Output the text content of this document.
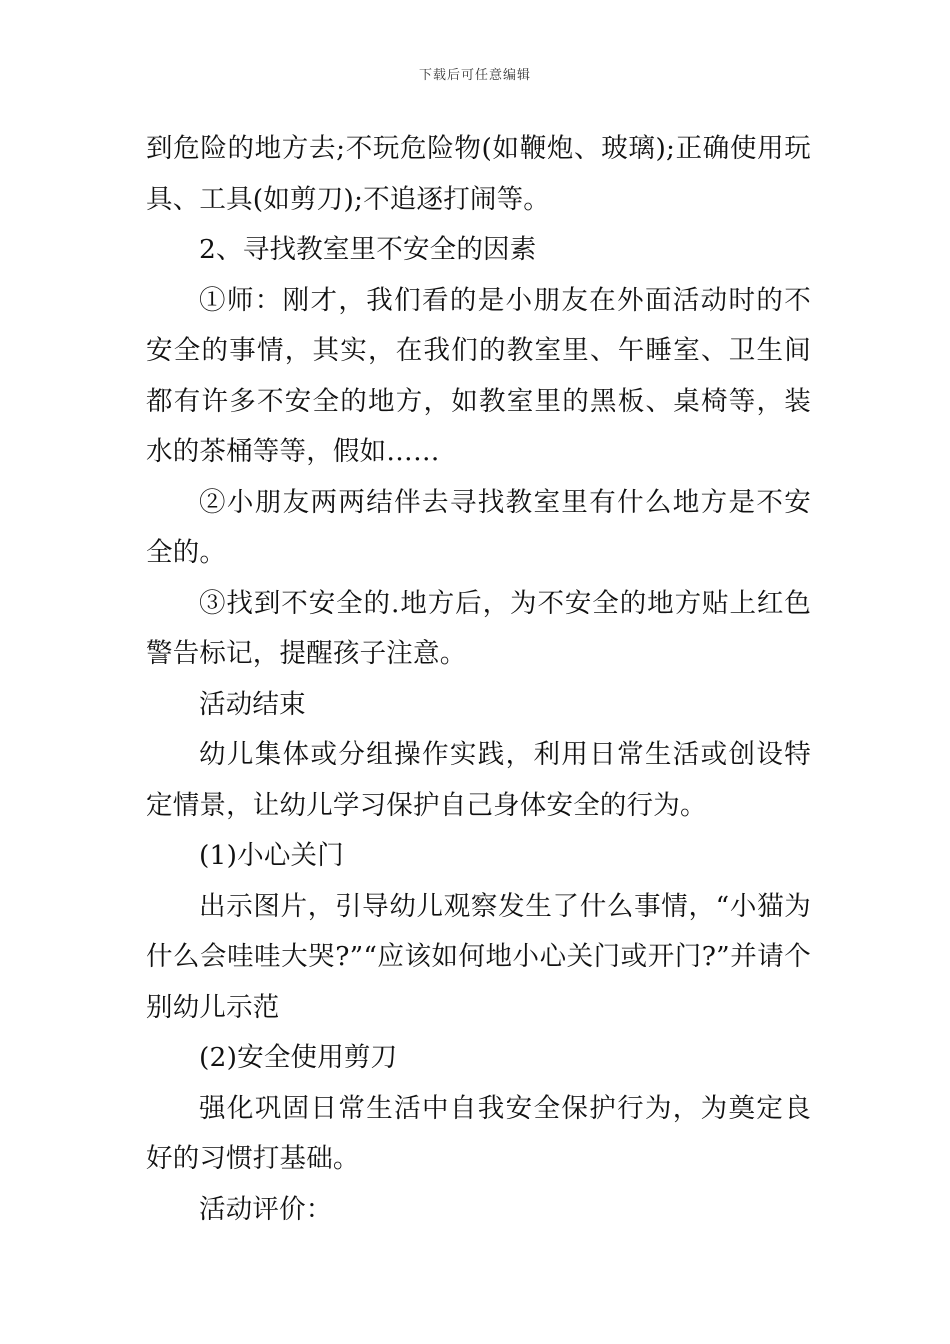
下载后可任意编辑

到危险的地方去;不玩危险物(如鞭炮、玻璃);正确使用玩具、工具(如剪刀);不追逐打闹等。

2、寻找教室里不安全的因素

①师：刚才，我们看的是小朋友在外面活动时的不安全的事情，其实，在我们的教室里、午睡室、卫生间都有许多不安全的地方，如教室里的黑板、桌椅等，装水的茶桶等等，假如……

②小朋友两两结伴去寻找教室里有什么地方是不安全的。

③找到不安全的.地方后，为不安全的地方贴上红色警告标记，提醒孩子注意。

活动结束

幼儿集体或分组操作实践，利用日常生活或创设特定情景，让幼儿学习保护自己身体安全的行为。

(1)小心关门

出示图片，引导幼儿观察发生了什么事情，“小猫为什么会哇哇大哭?”“应该如何地小心关门或开门?”并请个别幼儿示范

(2)安全使用剪刀

强化巩固日常生活中自我安全保护行为，为奠定良好的习惯打基础。

活动评价：
